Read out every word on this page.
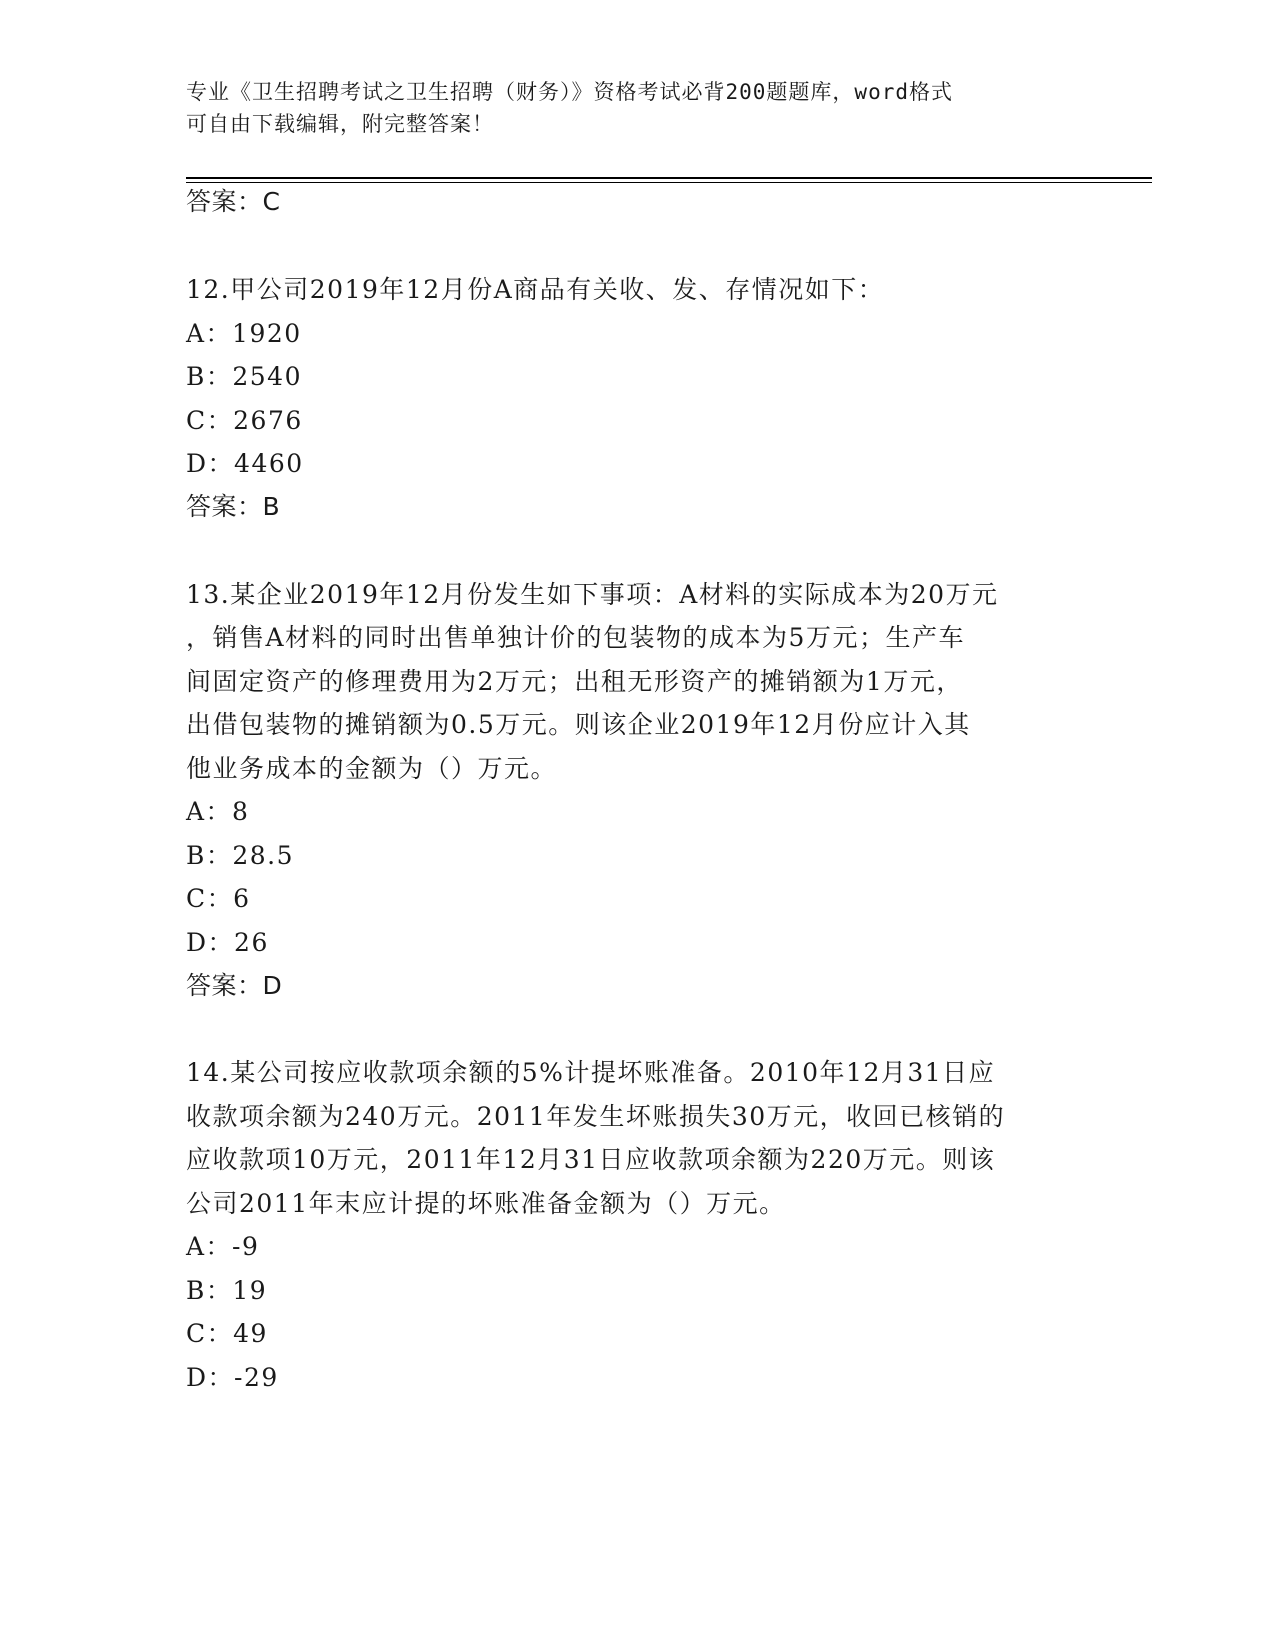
专业《卫生招聘考试之卫生招聘（财务）》资格考试必背200题题库，word格式
可自由下载编辑，附完整答案！
答案：C
12.甲公司2019年12月份A商品有关收、发、存情况如下：
A：1920
B：2540
C：2676
D：4460
答案：B
13.某企业2019年12月份发生如下事项：A材料的实际成本为20万元
，销售A材料的同时出售单独计价的包装物的成本为5万元；生产车
间固定资产的修理费用为2万元；出租无形资产的摊销额为1万元，
出借包装物的摊销额为0.5万元。则该企业2019年12月份应计入其
他业务成本的金额为（）万元。
A：8
B：28.5
C：6
D：26
答案：D
14.某公司按应收款项余额的5%计提坏账准备。2010年12月31日应
收款项余额为240万元。2011年发生坏账损失30万元，收回已核销的
应收款项10万元，2011年12月31日应收款项余额为220万元。则该
公司2011年末应计提的坏账准备金额为（）万元。
A：-9
B：19
C：49
D：-29
